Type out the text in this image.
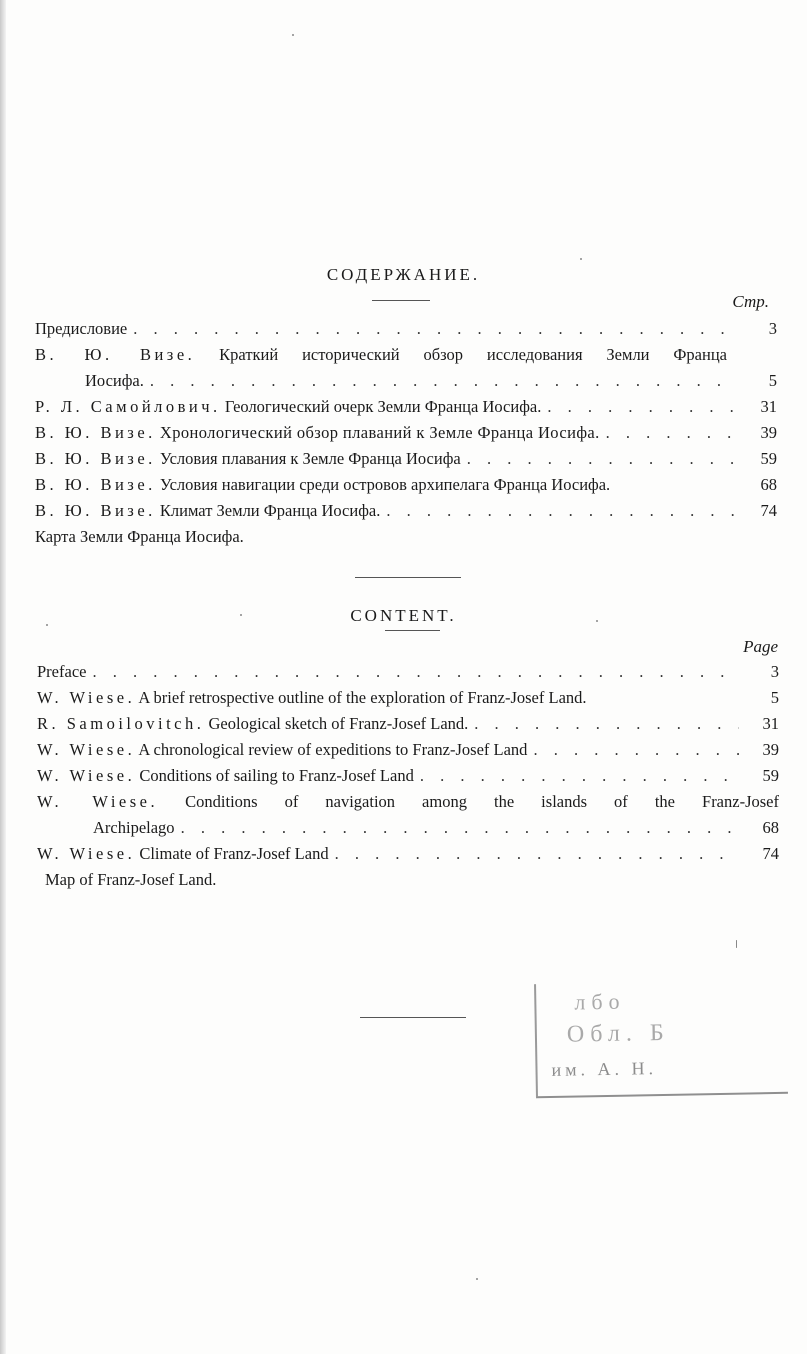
СОДЕРЖАНИЕ.
Стр.
Предисловие . . .	3
В. Ю. Визе. Краткий исторический обзор исследования Земли Франца
Иосифа. . . .	5
Р. Л. Самойлович. Геологический очерк Земли Франца Иосифа. . . .	31
В. Ю. Визе. Хронологический обзор плаваний к Земле Франца Иосифа. . . .	39
В. Ю. Визе. Условия плавания к Земле Франца Иосифа . . .	59
В. Ю. Визе. Условия навигации среди островов архипелага Франца Иосифа.	68
В. Ю. Визе. Климат Земли Франца Иосифа. . . .	74
Карта Земли Франца Иосифа.
CONTENT.
Page
Preface . . .	3
W. Wiese. A brief retrospective outline of the exploration of Franz-Josef Land.	5
R. Samoilovitch. Geological sketch of Franz-Josef Land. . . .	31
W. Wiese. A chronological review of expeditions to Franz-Josef Land . . .	39
W. Wiese. Conditions of sailing to Franz-Josef Land . . .	59
W. Wiese. Conditions of navigation among the islands of the Franz-Josef
Archipelago . . .	68
W. Wiese. Climate of Franz-Josef Land . . .	74
Map of Franz-Josef Land.
лбо
Обл. Б
им. А. Н.
